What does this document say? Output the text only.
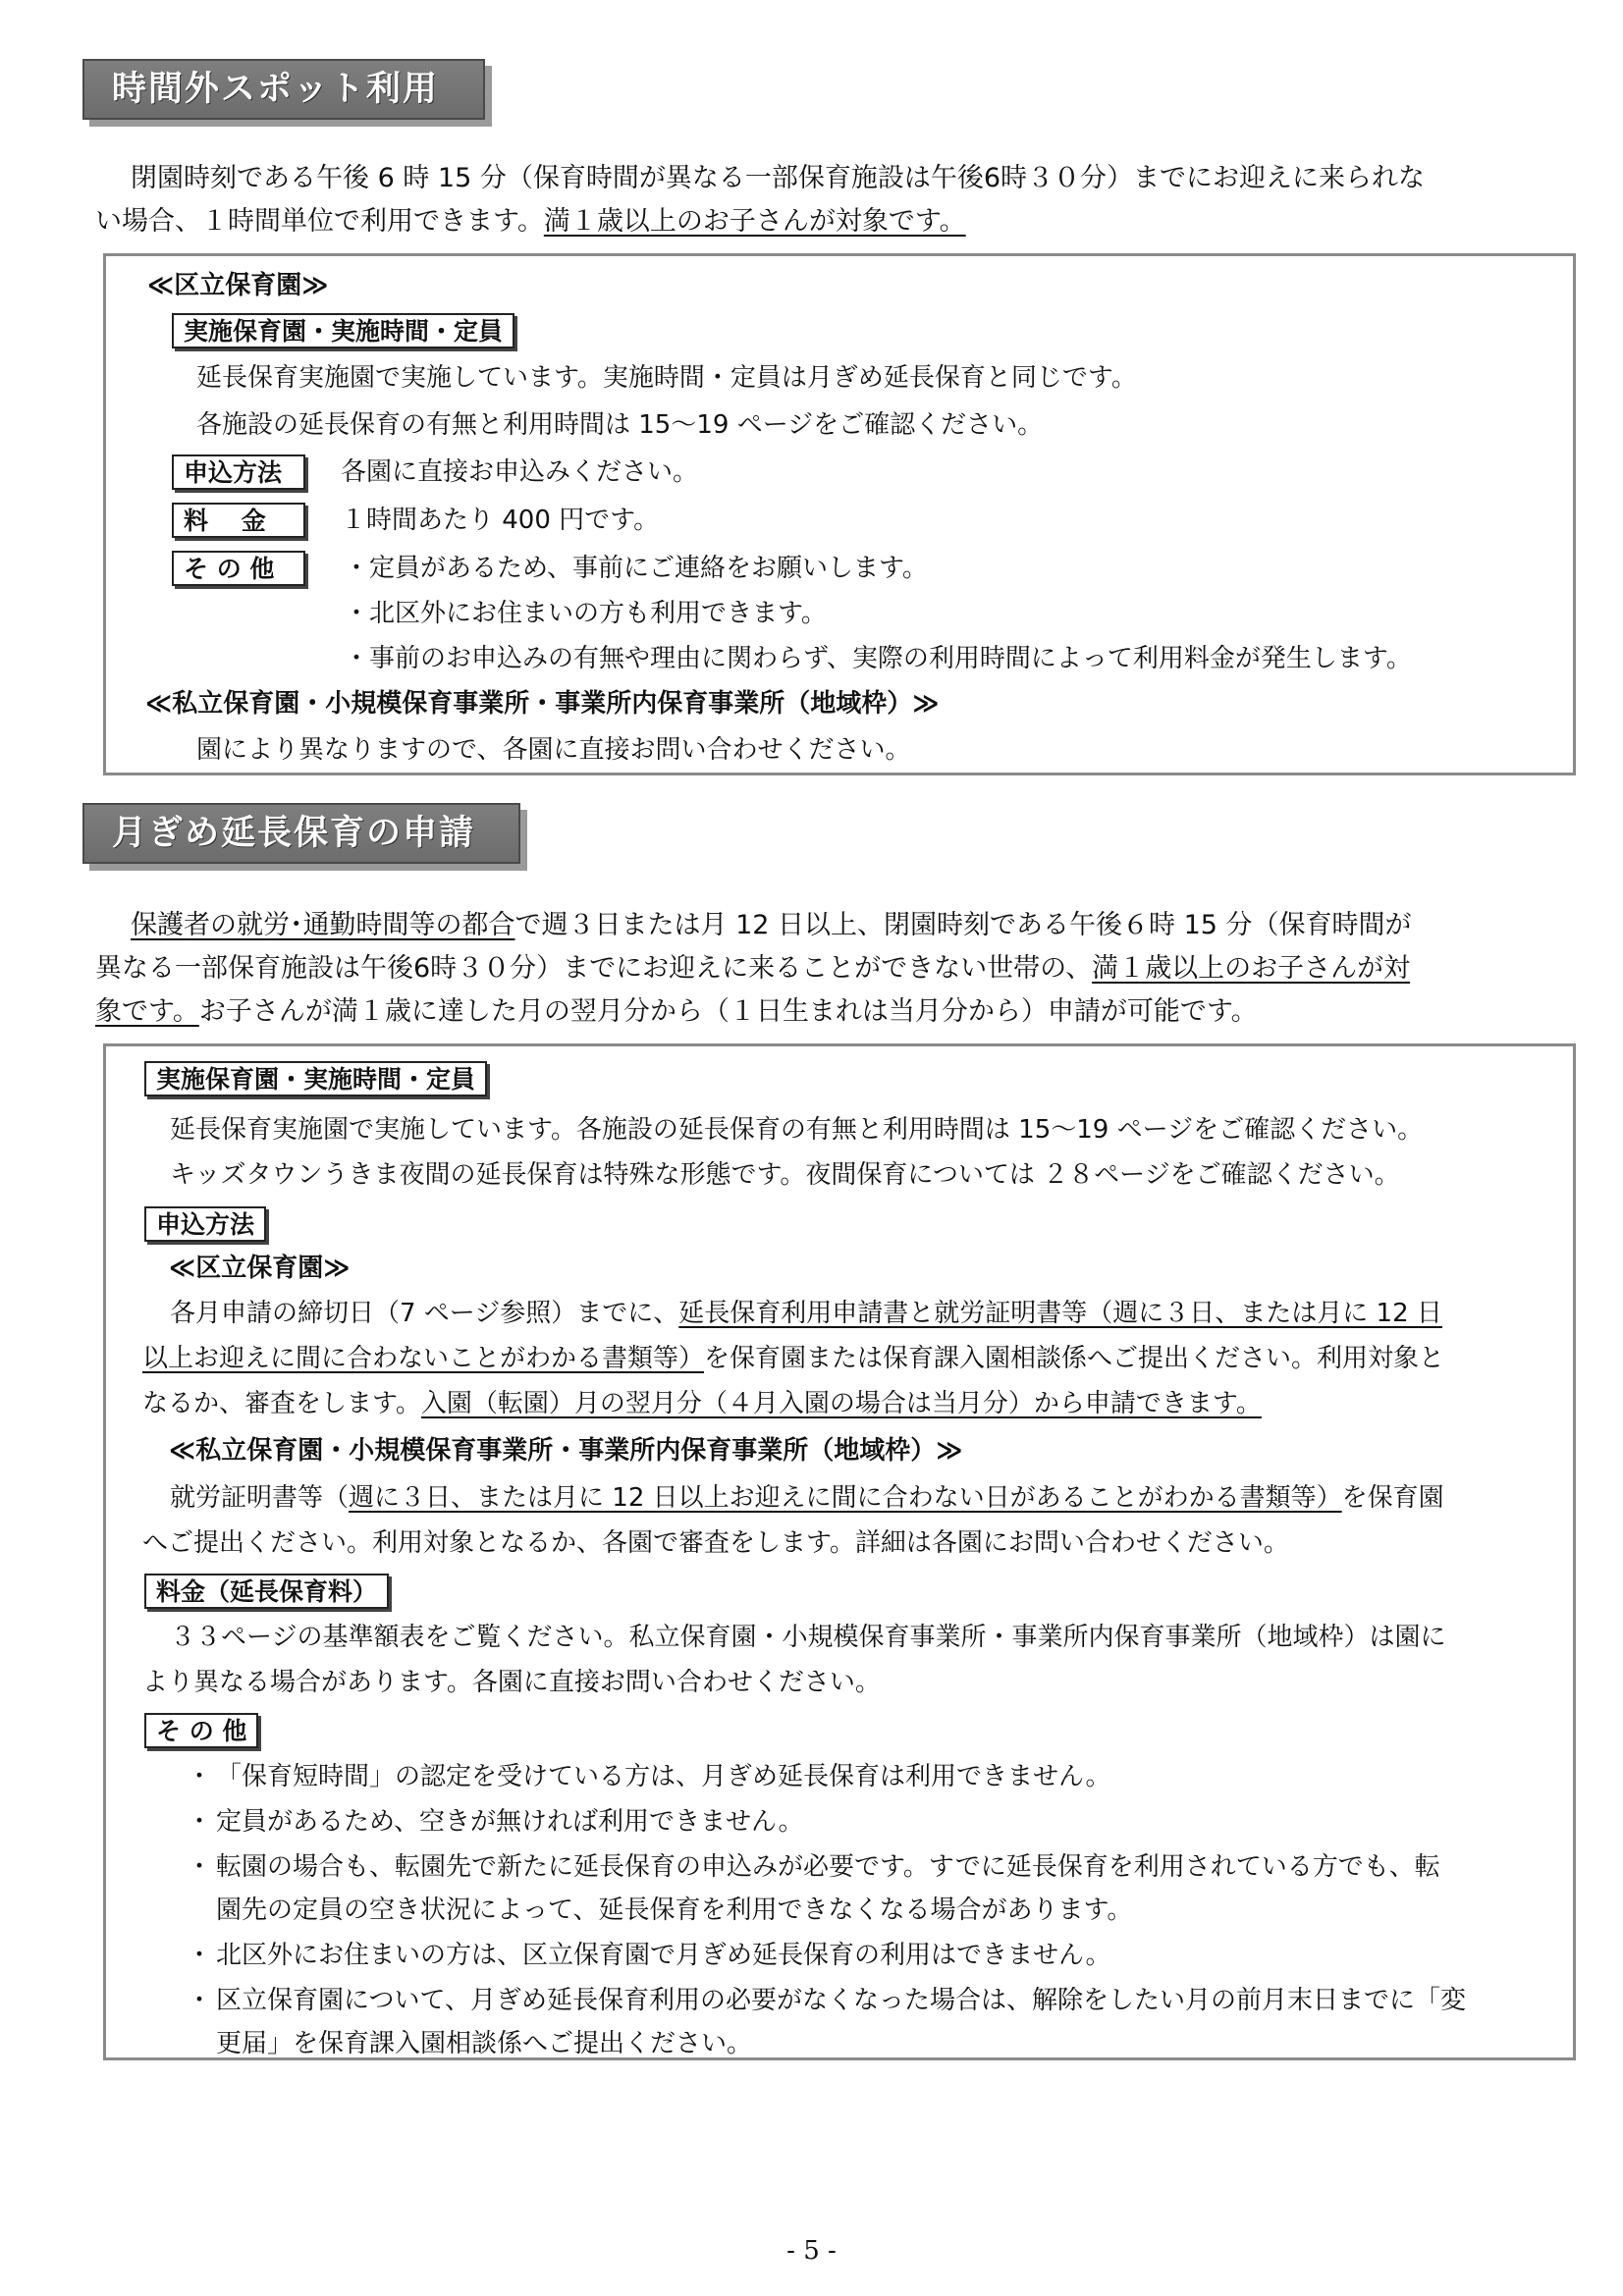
時間外スポット利用
閉園時刻である午後 6 時 15 分（保育時間が異なる一部保育施設は午後6時３０分）までにお迎えに来られな
い場合、１時間単位で利用できます。満１歳以上のお子さんが対象です。
≪区立保育園≫
実施保育園・実施時間・定員
延長保育実施園で実施しています。実施時間・定員は月ぎめ延長保育と同じです。
各施設の延長保育の有無と利用時間は 15～19 ページをご確認ください。
申込方法	各園に直接お申込みください。
料　 金	１時間あたり 400 円です。
そ の 他	・定員があるため、事前にご連絡をお願いします。
・北区外にお住まいの方も利用できます。
・事前のお申込みの有無や理由に関わらず、実際の利用時間によって利用料金が発生します。
≪私立保育園・小規模保育事業所・事業所内保育事業所（地域枠）≫
園により異なりますので、各園に直接お問い合わせください。
月ぎめ延長保育の申請
保護者の就労･通勤時間等の都合で週３日または月 12 日以上、閉園時刻である午後６時 15 分（保育時間が
異なる一部保育施設は午後6時３０分）までにお迎えに来ることができない世帯の、満１歳以上のお子さんが対
象です。お子さんが満１歳に達した月の翌月分から（１日生まれは当月分から）申請が可能です。
実施保育園・実施時間・定員
延長保育実施園で実施しています。各施設の延長保育の有無と利用時間は 15～19 ページをご確認ください。
キッズタウンうきま夜間の延長保育は特殊な形態です。夜間保育については ２８ページをご確認ください。
申込方法
≪区立保育園≫
各月申請の締切日（7 ページ参照）までに、延長保育利用申請書と就労証明書等（週に３日、または月に 12 日
以上お迎えに間に合わないことがわかる書類等）を保育園または保育課入園相談係へご提出ください。利用対象と
なるか、審査をします。入園（転園）月の翌月分（４月入園の場合は当月分）から申請できます。
≪私立保育園・小規模保育事業所・事業所内保育事業所（地域枠）≫
就労証明書等（週に３日、または月に 12 日以上お迎えに間に合わない日があることがわかる書類等）を保育園
へご提出ください。利用対象となるか、各園で審査をします。詳細は各園にお問い合わせください。
料金（延長保育料）
３３ページの基準額表をご覧ください。私立保育園・小規模保育事業所・事業所内保育事業所（地域枠）は園に
より異なる場合があります。各園に直接お問い合わせください。
そ の 他
・ 「保育短時間」の認定を受けている方は、月ぎめ延長保育は利用できません。
・ 定員があるため、空きが無ければ利用できません。
・ 転園の場合も、転園先で新たに延長保育の申込みが必要です。すでに延長保育を利用されている方でも、転
園先の定員の空き状況によって、延長保育を利用できなくなる場合があります。
・ 北区外にお住まいの方は、区立保育園で月ぎめ延長保育の利用はできません。
・ 区立保育園について、月ぎめ延長保育利用の必要がなくなった場合は、解除をしたい月の前月末日までに「変
更届」を保育課入園相談係へご提出ください。
- 5 -
